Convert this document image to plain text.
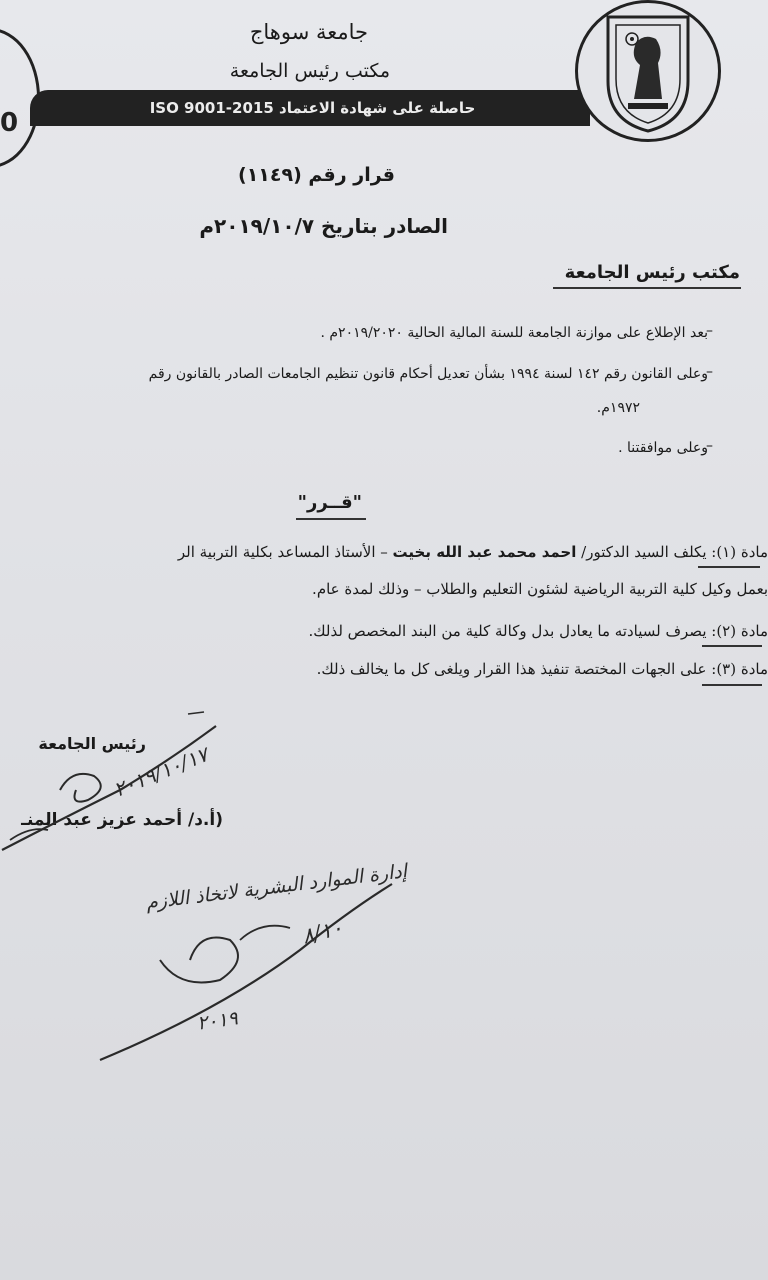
0	حاصلة على شهادة الاعتماد ISO 9001-2015
جامعة سوهاج
مكتب رئيس الجامعة
قرار رقم (١١٤٩)
الصادر بتاريخ ٢٠١٩/١٠/٧م
مكتب رئيس الجامعة
–
بعد الإطلاع على موازنة الجامعة للسنة المالية الحالية ٢٠١٩/٢٠٢٠م .
–
وعلى القانون رقم ١٤٢ لسنة ١٩٩٤ بشأن تعديل أحكام قانون تنظيم الجامعات الصادر بالقانون رقم
١٩٧٢م.
–
وعلى موافقتنا .
"قــرر"
مادة (١): يكلف السيد الدكتور/ احمد محمد عبد الله بخيت – الأستاذ المساعد بكلية التربية الر
بعمل وكيل كلية التربية الرياضية لشئون التعليم والطلاب – وذلك لمدة عام.
مادة (٢): يصرف لسيادته ما يعادل بدل وكالة كلية من البند المخصص لذلك.
مادة (٣): على الجهات المختصة تنفيذ هذا القرار ويلغى كل ما يخالف ذلك.
رئيس الجامعة
(أ.د/ أحمد عزيز عبد المنـ
٢٠١٩/١٠/١٧
إدارة الموارد البشرية لاتخاذ اللازم
٨/١٠
٢٠١٩
